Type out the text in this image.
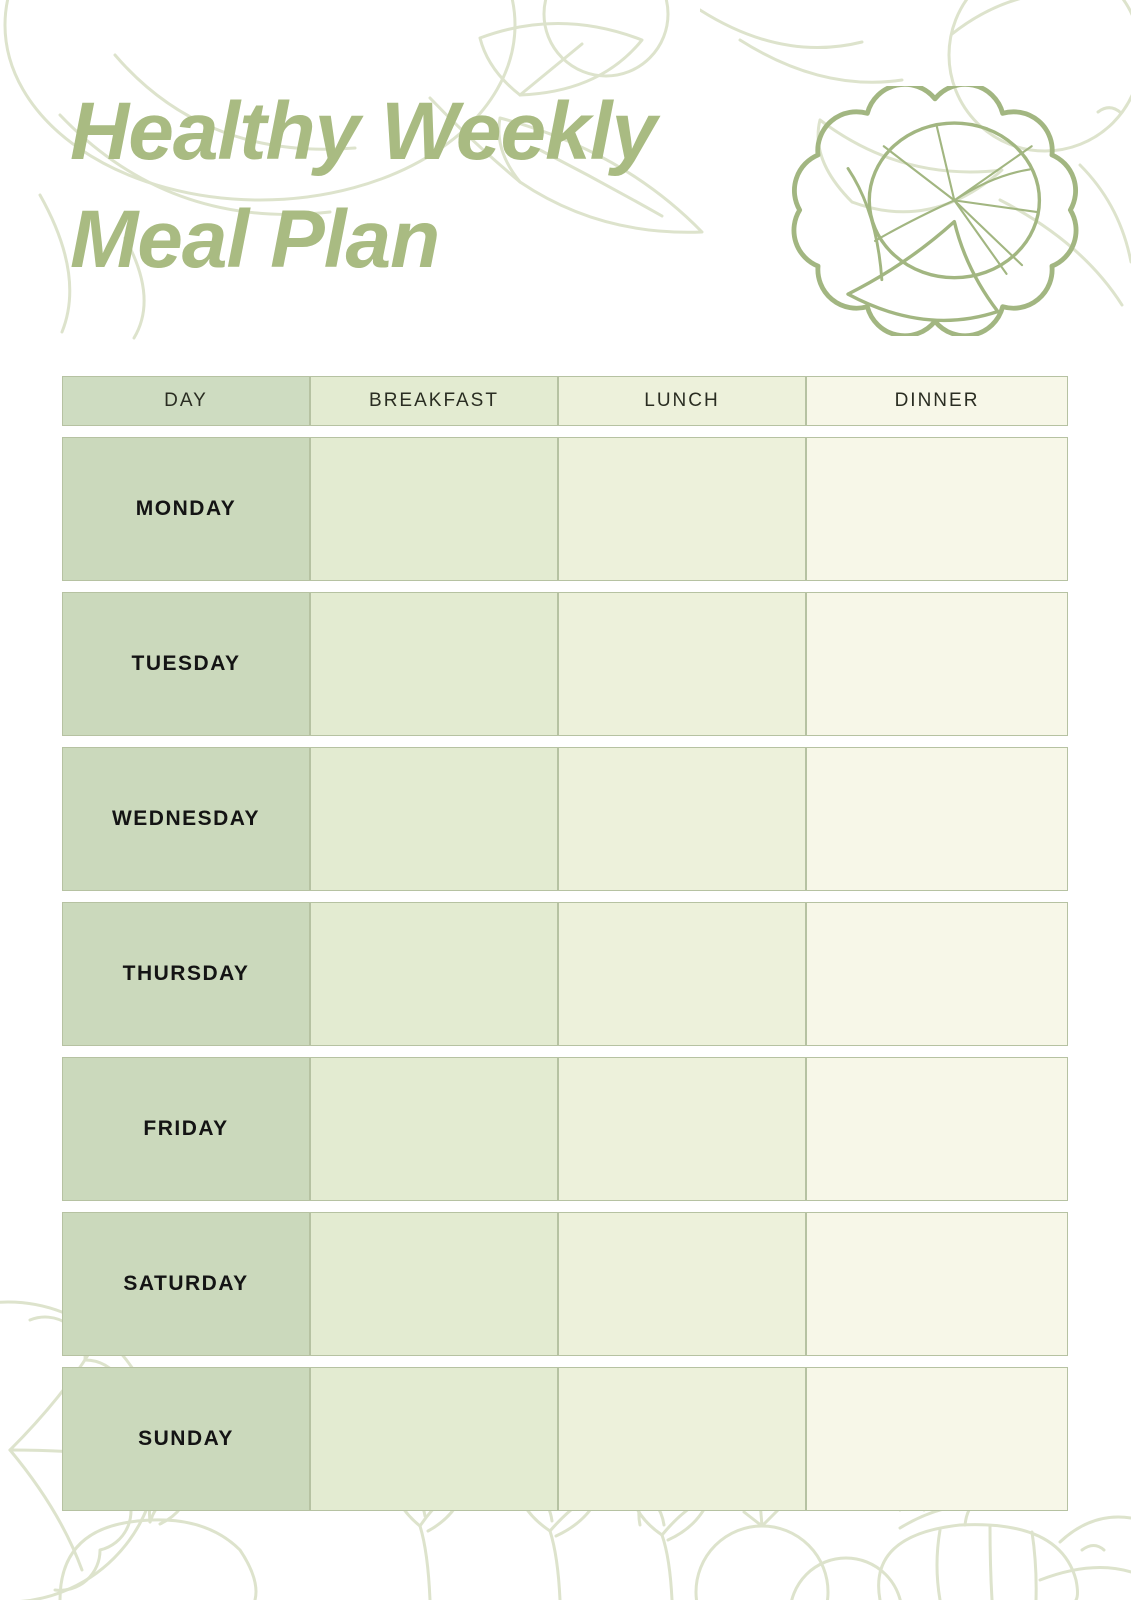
Healthy Weekly
Meal Plan
DAY	BREAKFAST	LUNCH	DINNER
MONDAY
TUESDAY
WEDNESDAY
THURSDAY
FRIDAY
SATURDAY
SUNDAY
